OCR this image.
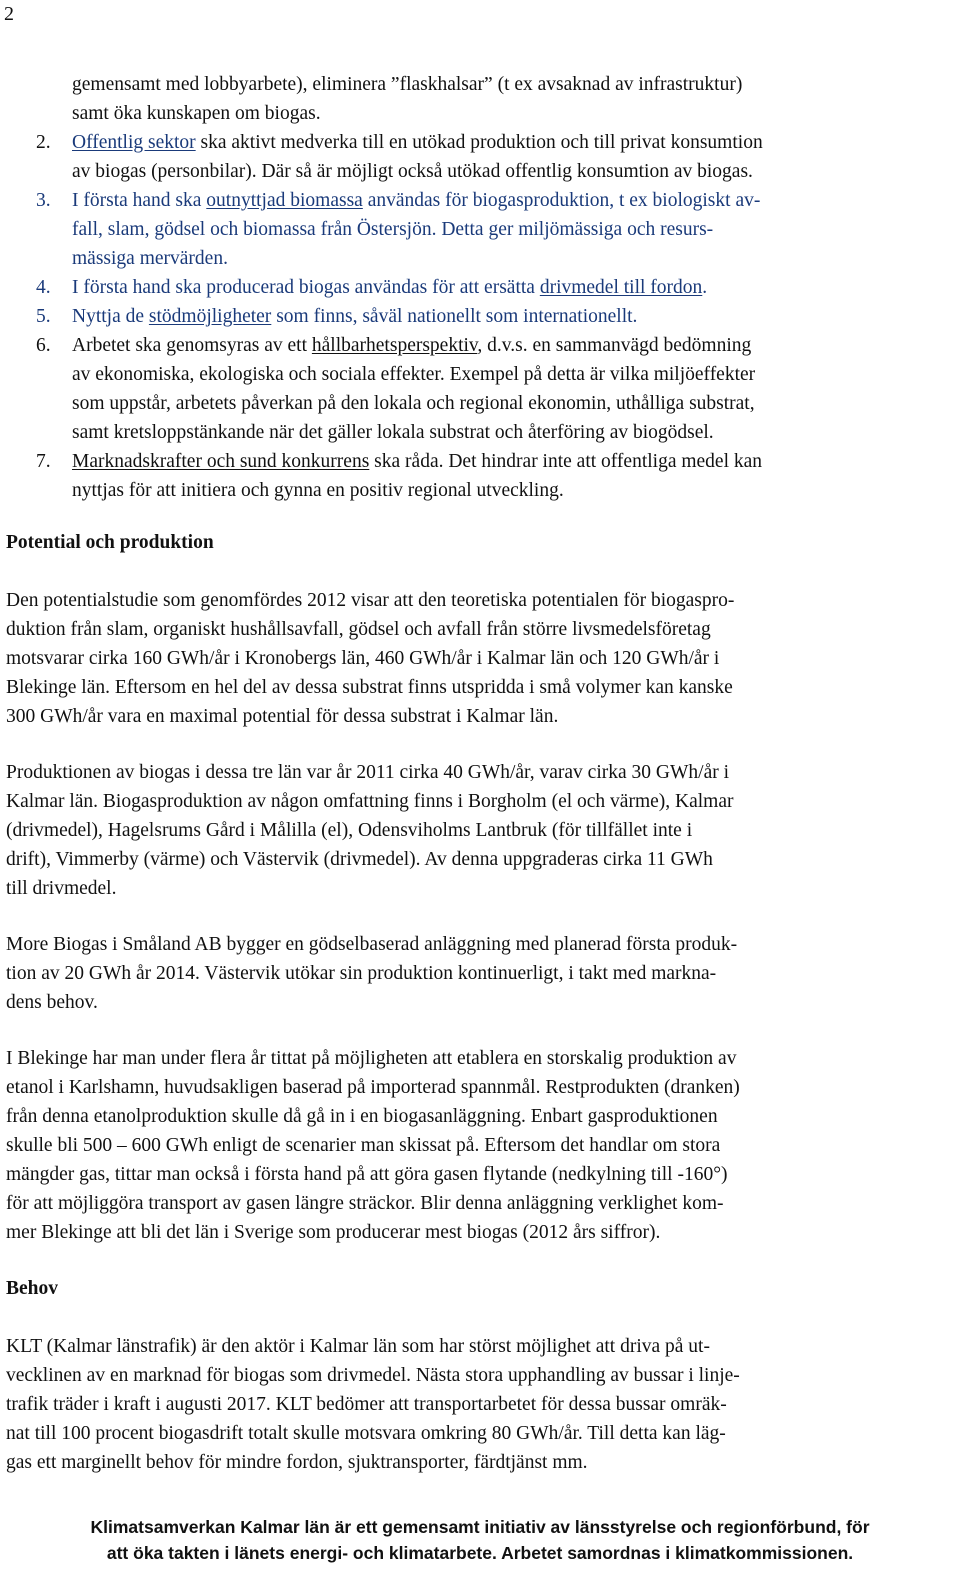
2
gemensamt med lobbyarbete), eliminera ”flaskhalsar” (t ex avsaknad av infrastruktur)
samt öka kunskapen om biogas.
2.	Offentlig sektor ska aktivt medverka till en utökad produktion och till privat konsumtion
av biogas (personbilar). Där så är möjligt också utökad offentlig konsumtion av biogas.
3.	I första hand ska outnyttjad biomassa användas för biogasproduktion, t ex biologiskt av-
fall, slam, gödsel och biomassa från Östersjön. Detta ger miljömässiga och resurs-
mässiga mervärden.
4.	I första hand ska producerad biogas användas för att ersätta drivmedel till fordon.
5.	Nyttja de stödmöjligheter som finns, såväl nationellt som internationellt.
6.	Arbetet ska genomsyras av ett hållbarhetsperspektiv, d.v.s. en sammanvägd bedömning
av ekonomiska, ekologiska och sociala effekter. Exempel på detta är vilka miljöeffekter
som uppstår, arbetets påverkan på den lokala och regional ekonomin, uthålliga substrat,
samt kretsloppstänkande när det gäller lokala substrat och återföring av biogödsel.
7.	Marknadskrafter och sund konkurrens ska råda. Det hindrar inte att offentliga medel kan
nyttjas för att initiera och gynna en positiv regional utveckling.

Potential och produktion

Den potentialstudie som genomfördes 2012 visar att den teoretiska potentialen för biogaspro-
duktion från slam, organiskt hushållsavfall, gödsel och avfall från större livsmedelsföretag
motsvarar cirka 160 GWh/år i Kronobergs län, 460 GWh/år i Kalmar län och 120 GWh/år i
Blekinge län. Eftersom en hel del av dessa substrat finns utspridda i små volymer kan kanske
300 GWh/år vara en maximal potential för dessa substrat i Kalmar län.
Produktionen av biogas i dessa tre län var år 2011 cirka 40 GWh/år, varav cirka 30 GWh/år i
Kalmar län. Biogasproduktion av någon omfattning finns i Borgholm (el och värme), Kalmar
(drivmedel), Hagelsrums Gård i Målilla (el), Odensviholms Lantbruk (för tillfället inte i
drift), Vimmerby (värme) och Västervik (drivmedel). Av denna uppgraderas cirka 11 GWh
till drivmedel.
More Biogas i Småland AB bygger en gödselbaserad anläggning med planerad första produk-
tion av 20 GWh år 2014. Västervik utökar sin produktion kontinuerligt, i takt med markna-
dens behov.
I Blekinge har man under flera år tittat på möjligheten att etablera en storskalig produktion av
etanol i Karlshamn, huvudsakligen baserad på importerad spannmål. Restprodukten (dranken)
från denna etanolproduktion skulle då gå in i en biogasanläggning. Enbart gasproduktionen
skulle bli 500 – 600 GWh enligt de scenarier man skissat på. Eftersom det handlar om stora
mängder gas, tittar man också i första hand på att göra gasen flytande (nedkylning till -160°)
för att möjliggöra transport av gasen längre sträckor. Blir denna anläggning verklighet kom-
mer Blekinge att bli det län i Sverige som producerar mest biogas (2012 års siffror).

Behov

KLT (Kalmar länstrafik) är den aktör i Kalmar län som har störst möjlighet att driva på ut-
vecklinen av en marknad för biogas som drivmedel. Nästa stora upphandling av bussar i linje-
trafik träder i kraft i augusti 2017. KLT bedömer att transportarbetet för dessa bussar omräk-
nat till 100 procent biogasdrift totalt skulle motsvara omkring 80 GWh/år. Till detta kan läg-
gas ett marginellt behov för mindre fordon, sjuktransporter, färdtjänst mm.
Klimatsamverkan Kalmar län är ett gemensamt initiativ av länsstyrelse och regionförbund, för
att öka takten i länets energi- och klimatarbete. Arbetet samordnas i klimatkommissionen.
